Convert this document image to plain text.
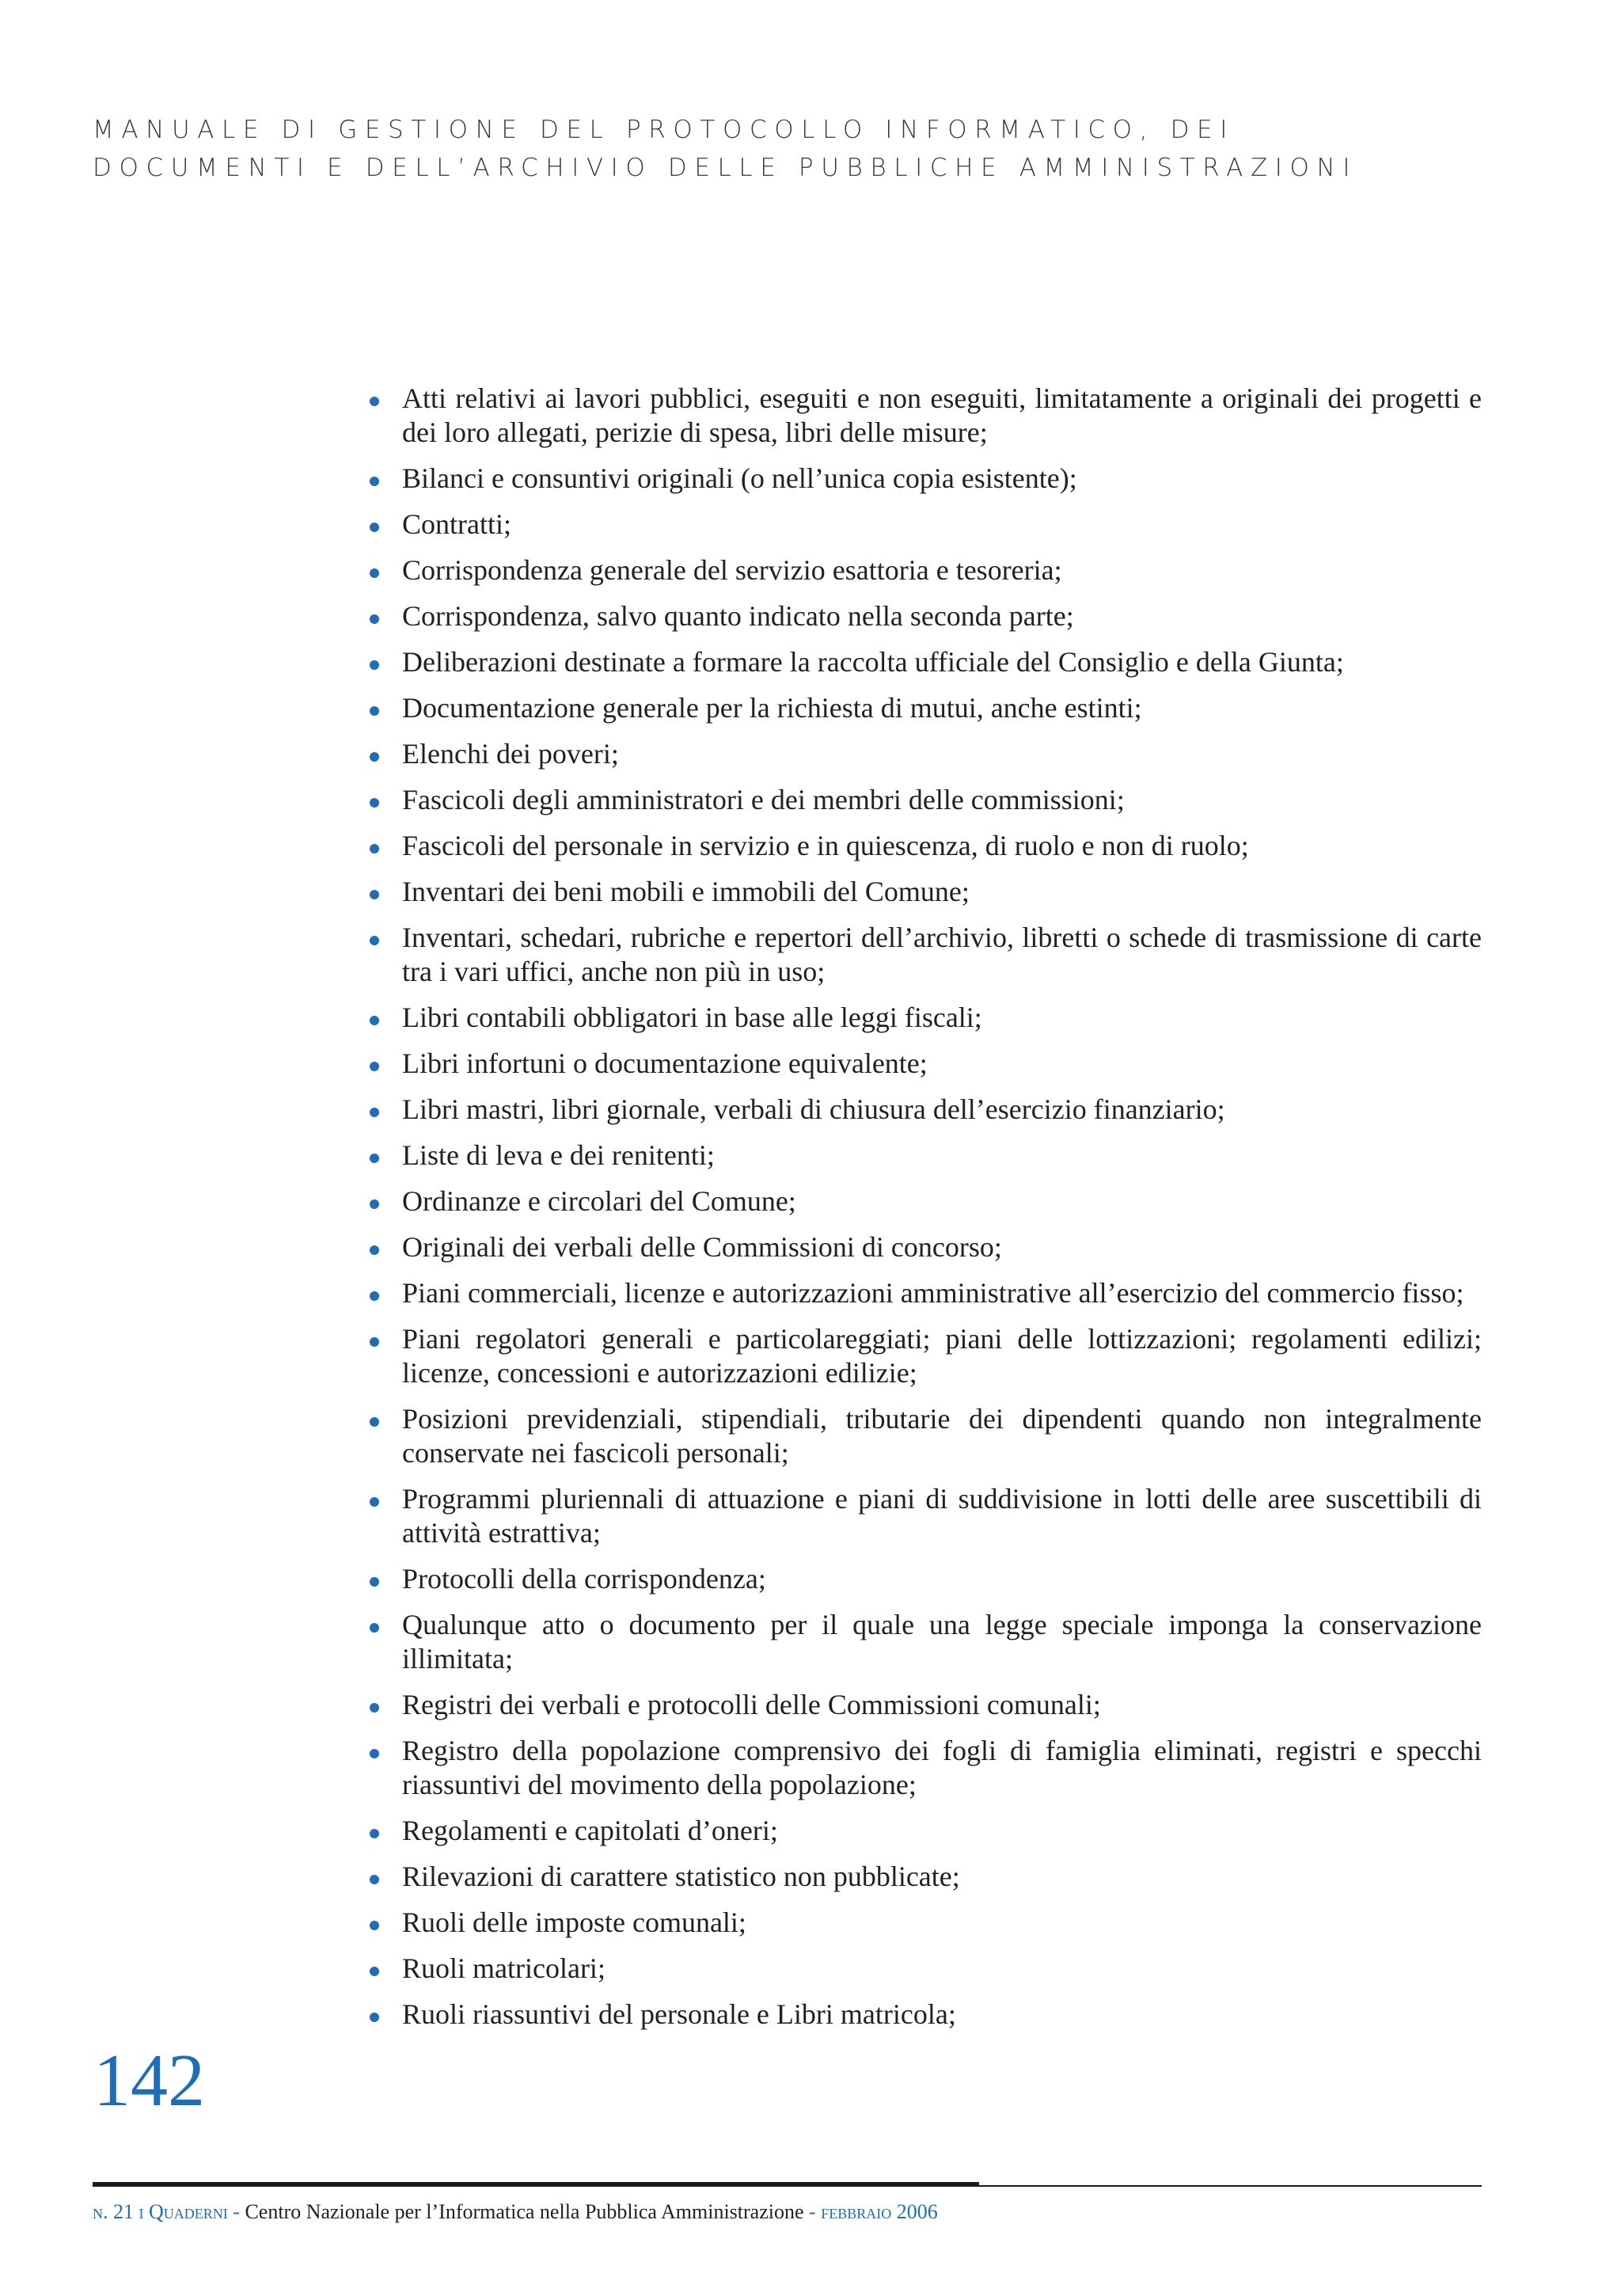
MANUALE DI GESTIONE DEL PROTOCOLLO INFORMATICO, DEI
DOCUMENTI E DELL’ARCHIVIO DELLE PUBBLICHE AMMINISTRAZIONI
Atti relativi ai lavori pubblici, eseguiti e non eseguiti, limitatamente a originali dei progetti e dei loro allegati, perizie di spesa, libri delle misure;
Bilanci e consuntivi originali (o nell’unica copia esistente);
Contratti;
Corrispondenza generale del servizio esattoria e tesoreria;
Corrispondenza, salvo quanto indicato nella seconda parte;
Deliberazioni destinate a formare la raccolta ufficiale del Consiglio e della Giunta;
Documentazione generale per la richiesta di mutui, anche estinti;
Elenchi dei poveri;
Fascicoli degli amministratori e dei membri delle commissioni;
Fascicoli del personale in servizio e in quiescenza, di ruolo e non di ruolo;
Inventari dei beni mobili e immobili del Comune;
Inventari, schedari, rubriche e repertori dell’archivio, libretti o schede di trasmissione di carte tra i vari uffici, anche non più in uso;
Libri contabili obbligatori in base alle leggi fiscali;
Libri infortuni o documentazione equivalente;
Libri mastri, libri giornale, verbali di chiusura dell’esercizio finanziario;
Liste di leva e dei renitenti;
Ordinanze e circolari del Comune;
Originali dei verbali delle Commissioni di concorso;
Piani commerciali, licenze e autorizzazioni amministrative all’esercizio del commercio fisso;
Piani regolatori generali e particolareggiati; piani delle lottizzazioni; regolamenti edilizi; licenze, concessioni e autorizzazioni edilizie;
Posizioni previdenziali, stipendiali, tributarie dei dipendenti quando non integralmente conservate nei fascicoli personali;
Programmi pluriennali di attuazione e piani di suddivisione in lotti delle aree suscettibili di attività estrattiva;
Protocolli della corrispondenza;
Qualunque atto o documento per il quale una legge speciale imponga la conservazione illimitata;
Registri dei verbali e protocolli delle Commissioni comunali;
Registro della popolazione comprensivo dei fogli di famiglia eliminati, registri e specchi riassuntivi del movimento della popolazione;
Regolamenti e capitolati d’oneri;
Rilevazioni di carattere statistico non pubblicate;
Ruoli delle imposte comunali;
Ruoli matricolari;
Ruoli riassuntivi del personale e Libri matricola;
142
n. 21 i Quaderni - Centro Nazionale per l’Informatica nella Pubblica Amministrazione - febbraio 2006
